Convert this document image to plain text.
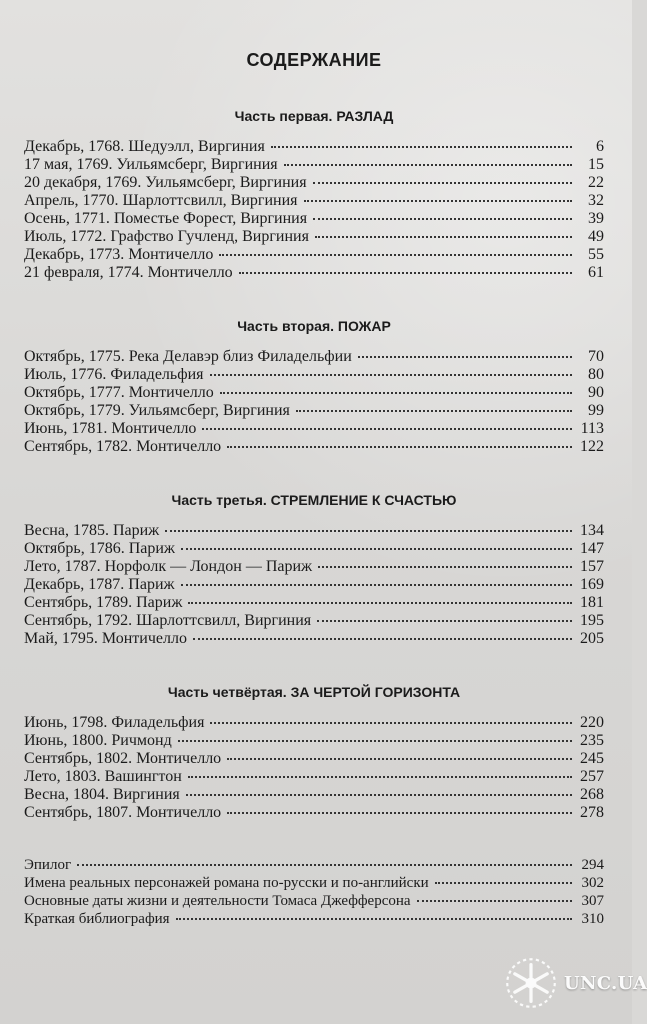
СОДЕРЖАНИЕ
Часть первая. РАЗЛАД
Декабрь, 1768. Шедуэлл, Виргиния	6
17 мая, 1769. Уильямсберг, Виргиния	15
20 декабря, 1769. Уильямсберг, Виргиния	22
Апрель, 1770. Шарлоттсвилл, Виргиния	32
Осень, 1771. Поместье Форест, Виргиния	39
Июль, 1772. Графство Гучленд, Виргиния	49
Декабрь, 1773. Монтичелло	55
21 февраля, 1774. Монтичелло	61
Часть вторая. ПОЖАР
Октябрь, 1775. Река Делавэр близ Филадельфии	70
Июль, 1776. Филадельфия	80
Октябрь, 1777. Монтичелло	90
Октябрь, 1779. Уильямсберг, Виргиния	99
Июнь, 1781. Монтичелло	113
Сентябрь, 1782. Монтичелло	122
Часть третья. СТРЕМЛЕНИЕ К СЧАСТЬЮ
Весна, 1785. Париж	134
Октябрь, 1786. Париж	147
Лето, 1787. Норфолк — Лондон — Париж	157
Декабрь, 1787. Париж	169
Сентябрь, 1789. Париж	181
Сентябрь, 1792. Шарлоттсвилл, Виргиния	195
Май, 1795. Монтичелло	205
Часть четвёртая. ЗА ЧЕРТОЙ ГОРИЗОНТА
Июнь, 1798. Филадельфия	220
Июнь, 1800. Ричмонд	235
Сентябрь, 1802. Монтичелло	245
Лето, 1803. Вашингтон	257
Весна, 1804. Виргиния	268
Сентябрь, 1807. Монтичелло	278
Эпилог	294
Имена реальных персонажей романа по-русски и по-английски	302
Основные даты жизни и деятельности Томаса Джефферсона	307
Краткая библиография	310
UNC.UA
